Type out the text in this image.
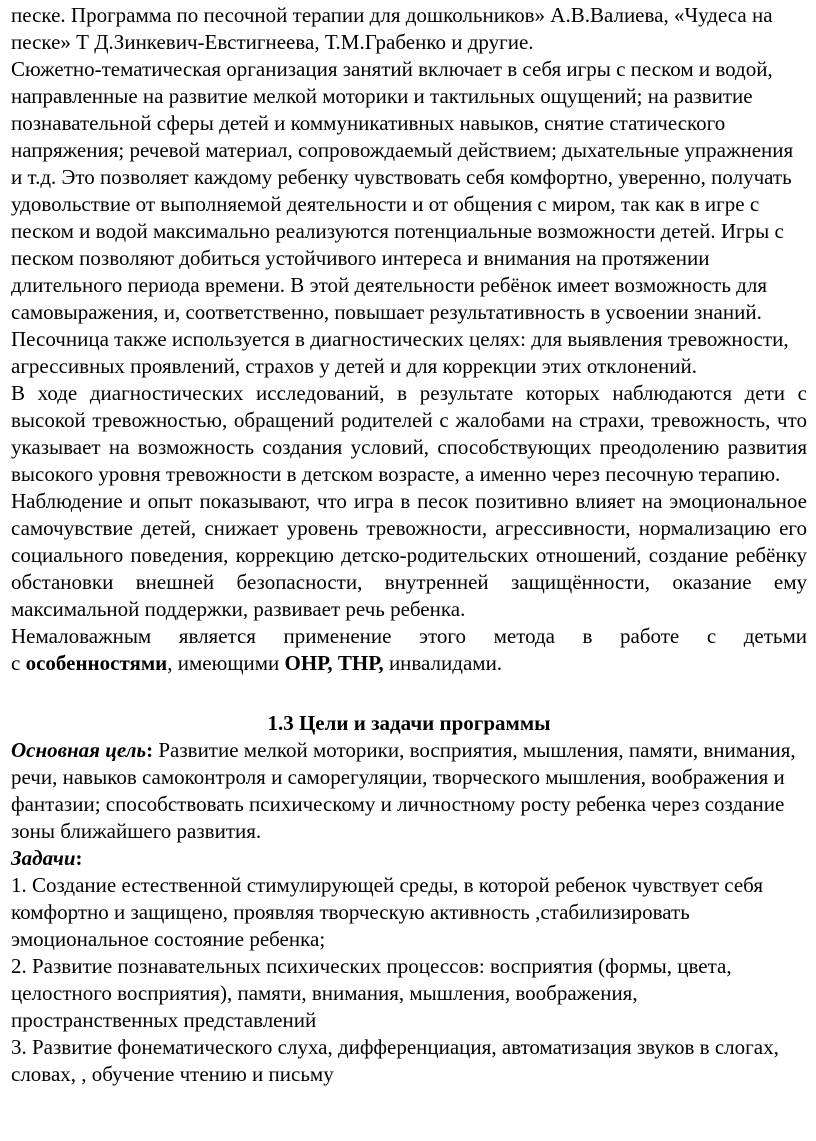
песке. Программа по песочной терапии для дошкольников» А.В.Валиева, «Чудеса на песке» Т Д.Зинкевич-Евстигнеева, Т.М.Грабенко и другие.

Сюжетно-тематическая организация занятий включает в себя игры с песком и водой, направленные на развитие мелкой моторики и тактильных ощущений; на развитие познавательной сферы детей и коммуникативных навыков, снятие статического напряжения; речевой материал, сопровождаемый действием; дыхательные упражнения и т.д. Это позволяет каждому ребенку чувствовать себя комфортно, уверенно, получать удовольствие от выполняемой деятельности и от общения с миром, так как в игре с песком и водой максимально реализуются потенциальные возможности детей. Игры с песком позволяют добиться устойчивого интереса и внимания на протяжении длительного периода времени. В этой деятельности ребёнок имеет возможность для самовыражения, и, соответственно, повышает результативность в усвоении знаний.

Песочница также используется в диагностических целях: для выявления тревожности, агрессивных проявлений, страхов у детей и для коррекции этих отклонений.

В ходе диагностических исследований, в результате которых наблюдаются дети с высокой тревожностью, обращений родителей с жалобами на страхи, тревожность, что указывает на возможность создания условий, способствующих преодолению развития высокого уровня тревожности в детском возрасте, а именно через песочную терапию.

Наблюдение и опыт показывают, что игра в песок позитивно влияет на эмоциональное самочувствие детей, снижает уровень тревожности, агрессивности, нормализацию его социального поведения, коррекцию детско-родительских отношений, создание ребёнку обстановки внешней безопасности, внутренней защищённости, оказание ему максимальной поддержки, развивает речь ребенка.

Немаловажным является применение этого метода в работе с детьми

с особенностями, имеющими ОНР, ТНР, инвалидами.

1.3 Цели и задачи программы

Основная цель: Развитие мелкой моторики, восприятия, мышления, памяти, внимания, речи, навыков самоконтроля и саморегуляции, творческого мышления, воображения и фантазии; способствовать психическому и личностному росту ребенка через создание зоны ближайшего развития.

Задачи:

1. Создание естественной стимулирующей среды, в которой ребенок чувствует себя комфортно и защищено, проявляя творческую активность ,стабилизировать эмоциональное состояние ребенка;

2. Развитие познавательных психических процессов: восприятия (формы, цвета, целостного восприятия), памяти, внимания, мышления, воображения, пространственных представлений

3. Развитие фонематического слуха, дифференциация, автоматизация звуков в слогах, словах, , обучение чтению и письму
